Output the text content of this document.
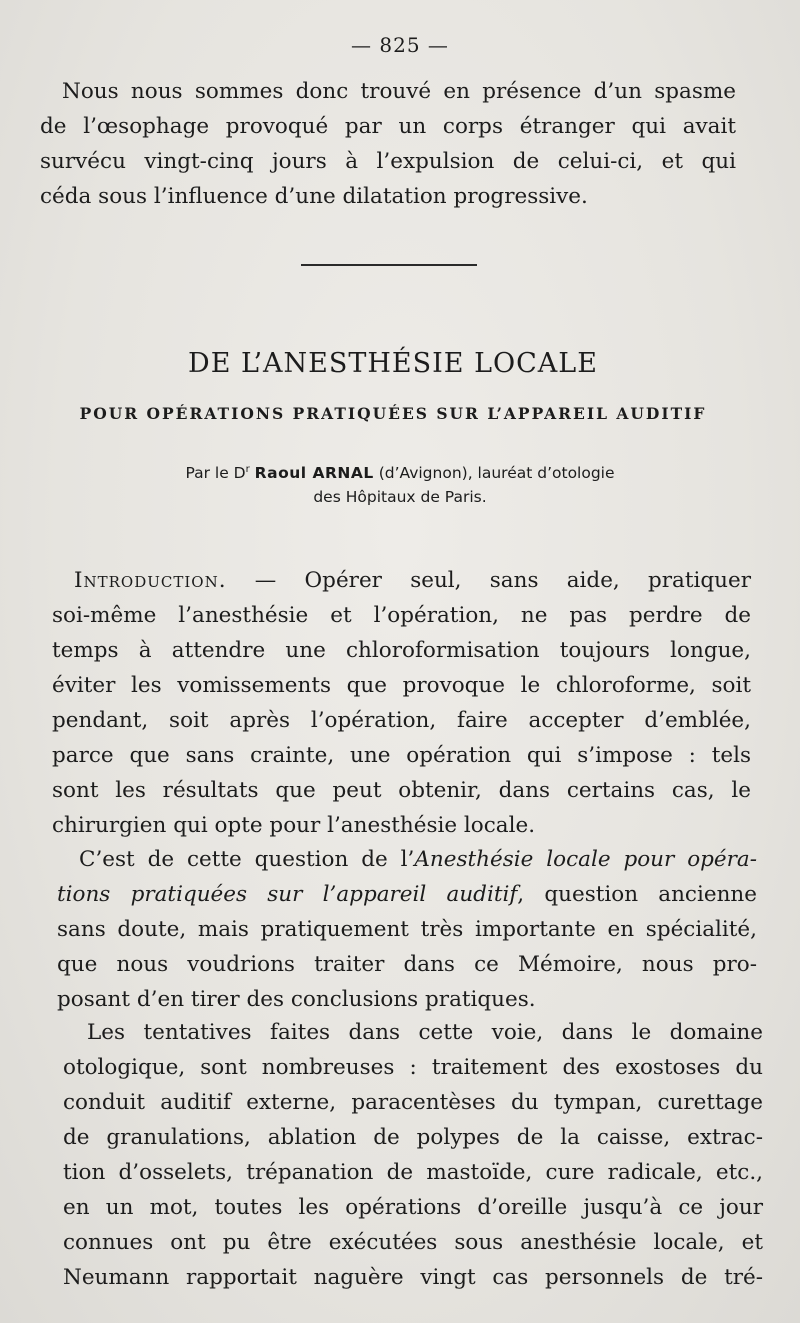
— 825 —
Nous nous sommes donc trouvé en présence d’un spasme
de l’œsophage provoqué par un corps étranger qui avait
survécu vingt-cinq jours à l’expulsion de celui-ci, et qui
céda sous l’influence d’une dilatation progressive.
DE L’ANESTHÉSIE LOCALE
POUR OPÉRATIONS PRATIQUÉES SUR L’APPAREIL AUDITIF
Par le $D^r$ Raoul ARNAL (d’Avignon), lauréat d’otologie
des Hôpitaux de Paris.
Introduction. — Opérer seul, sans aide, pratiquer
soi-même l’anesthésie et l’opération, ne pas perdre de
temps à attendre une chloroformisation toujours longue,
éviter les vomissements que provoque le chloroforme, soit
pendant, soit après l’opération, faire accepter d’emblée,
parce que sans crainte, une opération qui s’impose : tels
sont les résultats que peut obtenir, dans certains cas, le
chirurgien qui opte pour l’anesthésie locale.
C’est de cette question de l’Anesthésie locale pour opéra-
tions pratiquées sur l’appareil auditif, question ancienne
sans doute, mais pratiquement très importante en spécialité,
que nous voudrions traiter dans ce Mémoire, nous pro-
posant d’en tirer des conclusions pratiques.
Les tentatives faites dans cette voie, dans le domaine
otologique, sont nombreuses : traitement des exostoses du
conduit auditif externe, paracentèses du tympan, curettage
de granulations, ablation de polypes de la caisse, extrac-
tion d’osselets, trépanation de mastoïde, cure radicale, etc.,
en un mot, toutes les opérations d’oreille jusqu’à ce jour
connues ont pu être exécutées sous anesthésie locale, et
Neumann rapportait naguère vingt cas personnels de tré-
